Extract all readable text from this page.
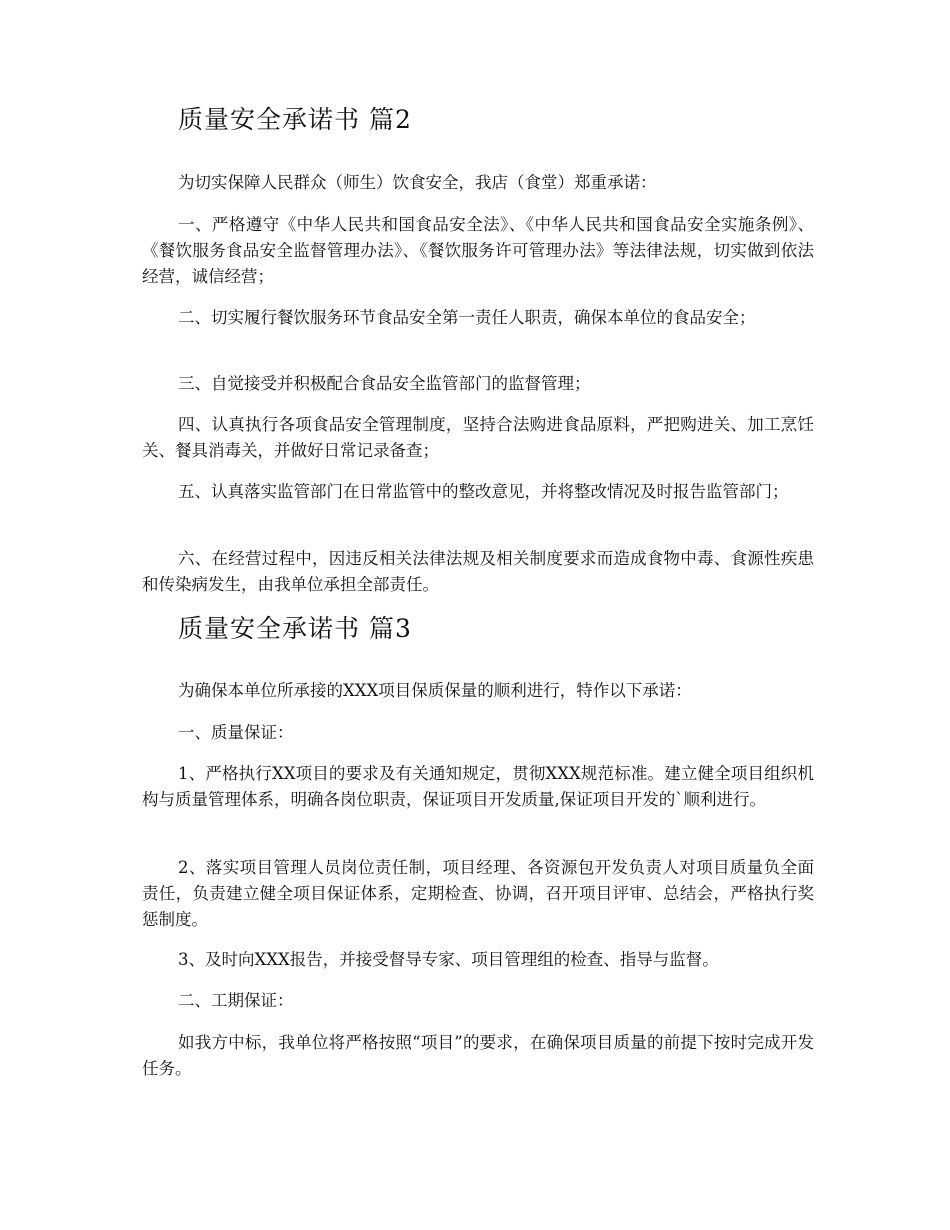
质量安全承诺书 篇2

为切实保障人民群众（师生）饮食安全，我店（食堂）郑重承诺：

一、严格遵守《中华人民共和国食品安全法》、《中华人民共和国食品安全实施条例》、《餐饮服务食品安全监督管理办法》、《餐饮服务许可管理办法》等法律法规，切实做到依法经营，诚信经营；

二、切实履行餐饮服务环节食品安全第一责任人职责，确保本单位的食品安全；

三、自觉接受并积极配合食品安全监管部门的监督管理；

四、认真执行各项食品安全管理制度，坚持合法购进食品原料，严把购进关、加工烹饪关、餐具消毒关，并做好日常记录备查；

五、认真落实监管部门在日常监管中的整改意见，并将整改情况及时报告监管部门；

六、在经营过程中，因违反相关法律法规及相关制度要求而造成食物中毒、食源性疾患和传染病发生，由我单位承担全部责任。

质量安全承诺书 篇3

为确保本单位所承接的XXX项目保质保量的顺利进行，特作以下承诺：

一、质量保证：

1、严格执行XX项目的要求及有关通知规定，贯彻XXX规范标准。建立健全项目组织机构与质量管理体系，明确各岗位职责，保证项目开发质量,保证项目开发的`顺利进行。

2、落实项目管理人员岗位责任制，项目经理、各资源包开发负责人对项目质量负全面责任，负责建立健全项目保证体系，定期检查、协调，召开项目评审、总结会，严格执行奖惩制度。

3、及时向XXX报告，并接受督导专家、项目管理组的检查、指导与监督。

二、工期保证：

如我方中标，我单位将严格按照“项目”的要求，在确保项目质量的前提下按时完成开发任务。
